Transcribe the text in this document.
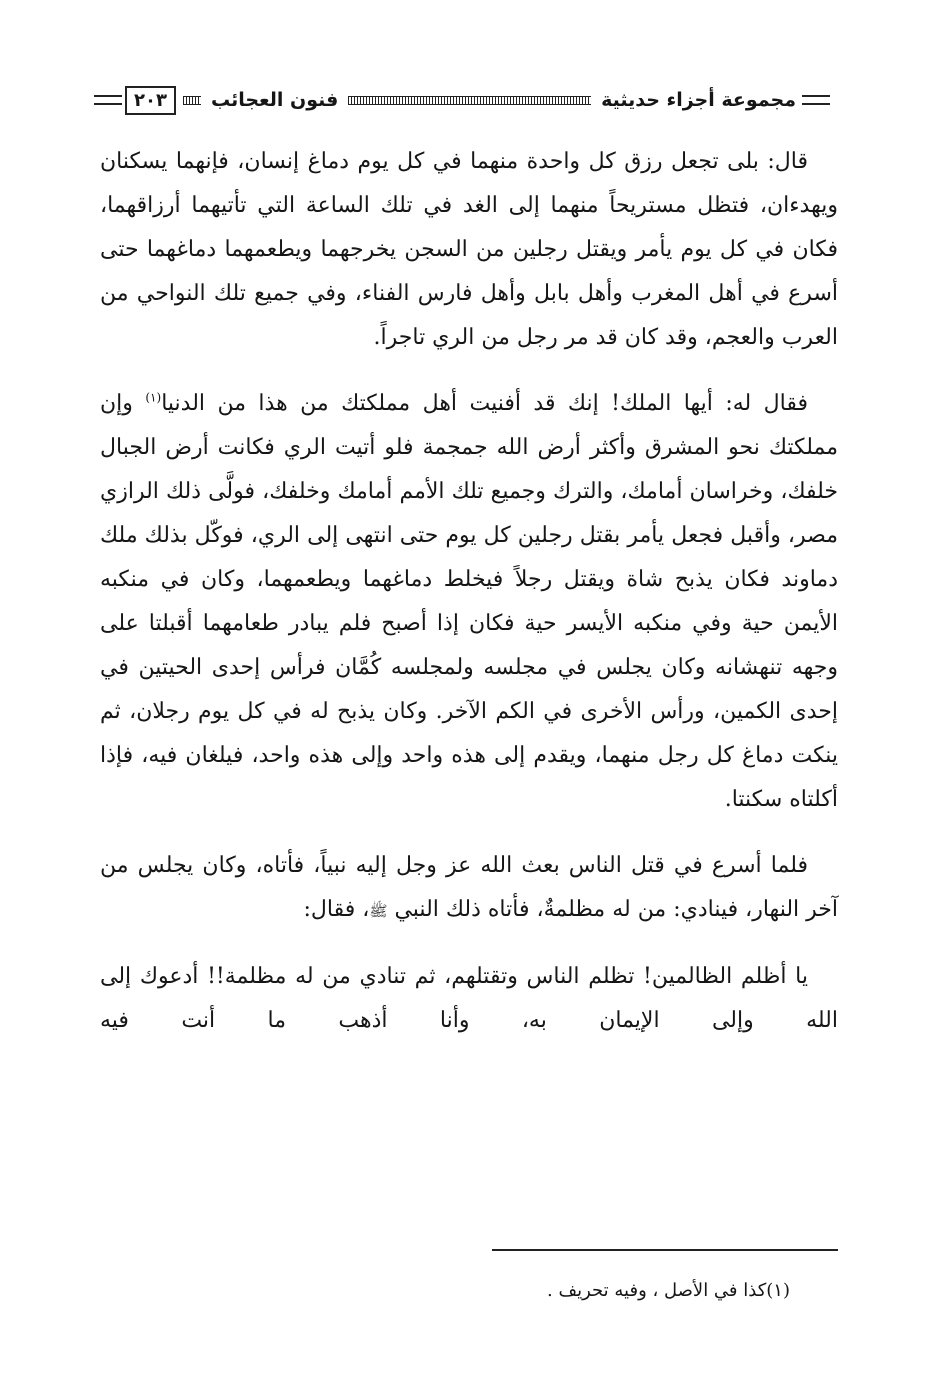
مجموعة أجزاء حديثية
فنون العجائب
٢٠٣

قال: بلى تجعل رزق كل واحدة منهما في كل يوم دماغ إنسان، فإنهما يسكنان ويهدءان، فتظل مستريحاً منهما إلى الغد في تلك الساعة التي تأتيهما أرزاقهما، فكان في كل يوم يأمر ويقتل رجلين من السجن يخرجهما ويطعمهما دماغهما حتى أسرع في أهل المغرب وأهل بابل وأهل فارس الفناء، وفي جميع تلك النواحي من العرب والعجم، وقد كان قد مر رجل من الري تاجراً.

فقال له: أيها الملك! إنك قد أفنيت أهل مملكتك من هذا من الدنيا$^{(١)}$ وإن مملكتك نحو المشرق وأكثر أرض الله جمجمة فلو أتيت الري فكانت أرض الجبال خلفك، وخراسان أمامك، والترك وجميع تلك الأمم أمامك وخلفك، فولَّى ذلك الرازي مصر، وأقبل فجعل يأمر بقتل رجلين كل يوم حتى انتهى إلى الري، فوكّل بذلك ملك دماوند فكان يذبح شاة ويقتل رجلاً فيخلط دماغهما ويطعمهما، وكان في منكبه الأيمن حية وفي منكبه الأيسر حية فكان إذا أصبح فلم يبادر طعامهما أقبلتا على وجهه تنهشانه وكان يجلس في مجلسه ولمجلسه كُمَّان فرأس إحدى الحيتين في إحدى الكمين، ورأس الأخرى في الكم الآخر. وكان يذبح له في كل يوم رجلان، ثم ينكت دماغ كل رجل منهما، ويقدم إلى هذه واحد وإلى هذه واحد، فيلغان فيه، فإذا أكلتاه سكنتا.

فلما أسرع في قتل الناس بعث الله عز وجل إليه نبياً، فأتاه، وكان يجلس من آخر النهار، فينادي: من له مظلمةٌ، فأتاه ذلك النبي ﷺ، فقال:

يا أظلم الظالمين! تظلم الناس وتقتلهم، ثم تنادي من له مظلمة!! أدعوك إلى الله وإلى الإيمان به، وأنا أذهب ما أنت فيه

(١)كذا في الأصل ، وفيه تحريف .
